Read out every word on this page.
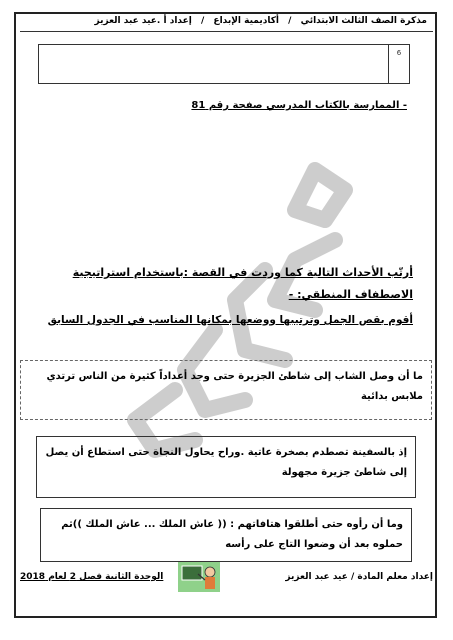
مذكرة الصف الثالث الابتدائي / أكاديمية الإبداع / إعداد أ .عيد عبد العزيز
6
- الممارسة بالكتاب المدرسي صفحة رقم 81
أرتّب الأحداث التالية كما وردت في القصة :باستخدام استراتيجية الاصطفاف المنطقي: -
أقوم بقص الجمل وترتيبها ووضعها بمكانها المناسب في الجدول السابق
ما أن وصل الشاب إلى شاطئ الجزيرة حتى وجد أعداداً كثيرة من الناس ترتدي ملابس بدائية
إذ بالسفينة تصطدم بصخرة عاتية .وراح يحاول النجاة حتى استطاع أن يصل إلى شاطئ جزيرة مجهولة
وما أن رأوه حتى أطلقوا هتافاتهم : (( عاش الملك ... عاش الملك ))ثم حملوه بعد أن وضعوا التاج على رأسه
إعداد معلم المادة / عيد عبد العزيز
الوحدة الثانية فصل 2 لعام 2018
